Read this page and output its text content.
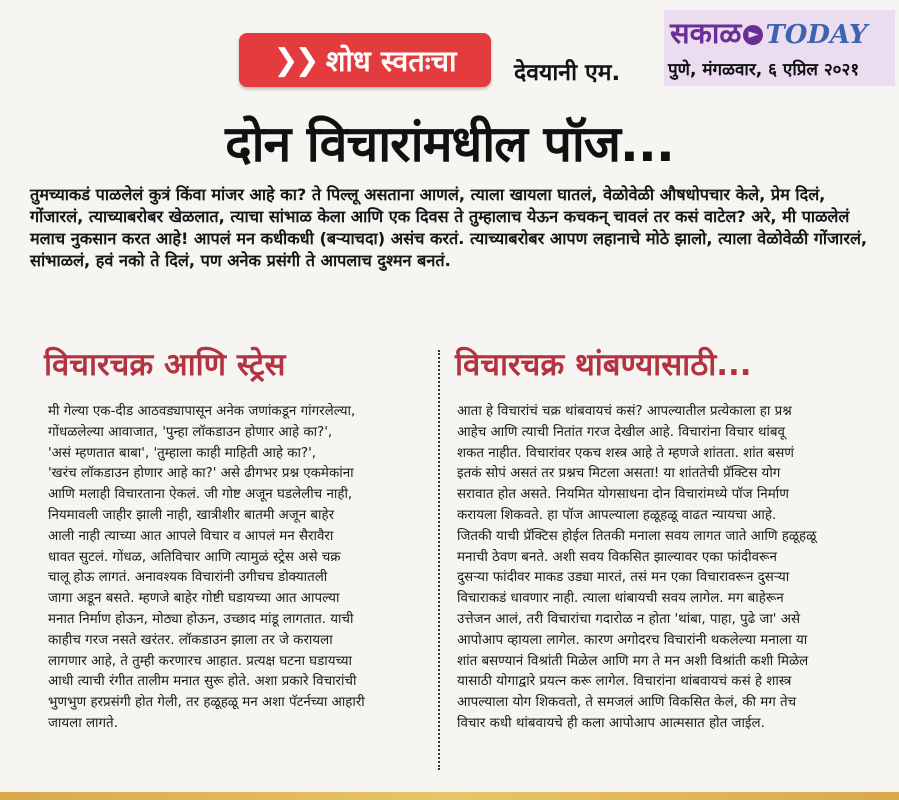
❯❯ शोध स्वतःचा देवयानी एम.
सकाळ ► TODAY
पुणे, मंगळवार, ६ एप्रिल २०२१
दोन विचारांमधील पॉज...
तुमच्याकडं पाळलेलं कुत्रं किंवा मांजर आहे का? ते पिल्लू असताना आणलं, त्याला खायला घातलं, वेळोवेळी औषधोपचार केले, प्रेम दिलं, गोंजारलं, त्याच्याबरोबर खेळलात, त्याचा सांभाळ केला आणि एक दिवस ते तुम्हालाच येऊन कचकन् चावलं तर कसं वाटेल? अरे, मी पाळलेलं मलाच नुकसान करत आहे! आपलं मन कधीकधी (बऱ्याचदा) असंच करतं. त्याच्याबरोबर आपण लहानाचे मोठे झालो, त्याला वेळोवेळी गोंजारलं, सांभाळलं, हवं नको ते दिलं, पण अनेक प्रसंगी ते आपलाच दुश्मन बनतं.
विचारचक्र आणि स्ट्रेस	विचारचक्र थांबण्यासाठी...

मी गेल्या एक-दीड आठवड्यापासून अनेक जणांकडून गांगरलेल्या,

गोंधळलेल्या आवाजात, 'पुन्हा लॉकडाउन होणार आहे का?',

'असं म्हणतात बाबा', 'तुम्हाला काही माहिती आहे का?',

'खरंच लॉकडाउन होणार आहे का?' असे ढीगभर प्रश्न एकमेकांना

आणि मलाही विचारताना ऐकलं. जी गोष्ट अजून घडलेलीच नाही,

नियमावली जाहीर झाली नाही, खात्रीशीर बातमी अजून बाहेर

आली नाही त्याच्या आत आपले विचार व आपलं मन सैरावैरा

धावत सुटलं. गोंधळ, अतिविचार आणि त्यामुळं स्ट्रेस असे चक्र

चालू होऊ लागतं. अनावश्यक विचारांनी उगीचच डोक्यातली

जागा अडून बसते. म्हणजे बाहेर गोष्टी घडायच्या आत आपल्या

मनात निर्माण होऊन, मोठ्या होऊन, उच्छाद मांडू लागतात. याची

काहीच गरज नसते खरंतर. लॉकडाउन झाला तर जे करायला

लागणार आहे, ते तुम्ही करणारच आहात. प्रत्यक्ष घटना घडायच्या

आधी त्याची रंगीत तालीम मनात सुरू होते. अशा प्रकारे विचारांची

भुणभुण हरप्रसंगी होत गेली, तर हळूहळू मन अशा पॅटर्नच्या आहारी

जायला लागते.

आता हे विचारांचं चक्र थांबवायचं कसं? आपल्यातील प्रत्येकाला हा प्रश्न

आहेच आणि त्याची नितांत गरज देखील आहे. विचारांना विचार थांबवू

शकत नाहीत. विचारांवर एकच शस्त्र आहे ते म्हणजे शांतता. शांत बसणं

इतकं सोपं असतं तर प्रश्नच मिटला असता! या शांततेची प्रॅक्टिस योग

सरावात होत असते. नियमित योगसाधना दोन विचारांमध्ये पॉज निर्माण

करायला शिकवते. हा पॉज आपल्याला हळूहळू वाढत न्यायचा आहे.

जितकी याची प्रॅक्टिस होईल तितकी मनाला सवय लागत जाते आणि हळूहळू

मनाची ठेवण बनते. अशी सवय विकसित झाल्यावर एका फांदीवरून

दुसऱ्या फांदीवर माकड उड्या मारतं, तसं मन एका विचारावरून दुसऱ्या

विचाराकडं धावणार नाही. त्याला थांबायची सवय लागेल. मग बाहेरून

उत्तेजन आलं, तरी विचारांचा गदारोळ न होता 'थांबा, पाहा, पुढे जा' असे

आपोआप व्हायला लागेल. कारण अगोदरच विचारांनी थकलेल्या मनाला या

शांत बसण्यानं विश्रांती मिळेल आणि मग ते मन अशी विश्रांती कशी मिळेल

यासाठी योगाद्वारे प्रयत्न करू लागेल. विचारांना थांबवायचं कसं हे शास्त्र

आपल्याला योग शिकवतो, ते समजलं आणि विकसित केलं, की मग तेच

विचार कधी थांबवायचे ही कला आपोआप आत्मसात होत जाईल.
